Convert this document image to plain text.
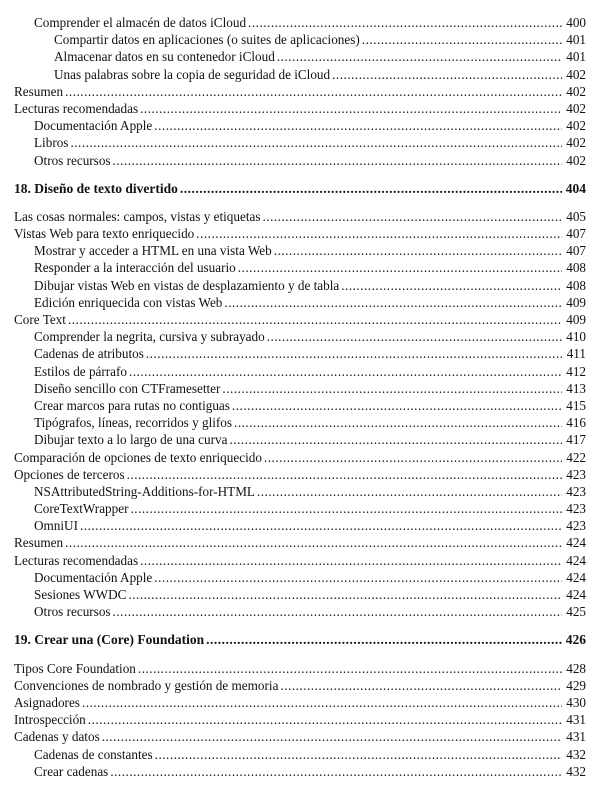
Comprender el almacén de datos iCloud .....	400
Compartir datos en aplicaciones (o suites de aplicaciones) .....	401
Almacenar datos en su contenedor iCloud .....	401
Unas palabras sobre la copia de seguridad de iCloud .....	402
Resumen .....	402
Lecturas recomendadas .....	402
Documentación Apple .....	402
Libros .....	402
Otros recursos .....	402
18. Diseño de texto divertido .....	404
Las cosas normales: campos, vistas y etiquetas .....	405
Vistas Web para texto enriquecido .....	407
Mostrar y acceder a HTML en una vista Web .....	407
Responder a la interacción del usuario .....	408
Dibujar vistas Web en vistas de desplazamiento y de tabla .....	408
Edición enriquecida con vistas Web .....	409
Core Text .....	409
Comprender la negrita, cursiva y subrayado .....	410
Cadenas de atributos .....	411
Estilos de párrafo .....	412
Diseño sencillo con CTFramesetter .....	413
Crear marcos para rutas no contiguas .....	415
Tipógrafos, líneas, recorridos y glifos .....	416
Dibujar texto a lo largo de una curva .....	417
Comparación de opciones de texto enriquecido .....	422
Opciones de terceros .....	423
NSAttributedString-Additions-for-HTML .....	423
CoreTextWrapper .....	423
OmniUI .....	423
Resumen .....	424
Lecturas recomendadas .....	424
Documentación Apple .....	424
Sesiones WWDC .....	424
Otros recursos .....	425
19. Crear una (Core) Foundation .....	426
Tipos Core Foundation .....	428
Convenciones de nombrado y gestión de memoria .....	429
Asignadores .....	430
Introspección .....	431
Cadenas y datos .....	431
Cadenas de constantes .....	432
Crear cadenas .....	432
